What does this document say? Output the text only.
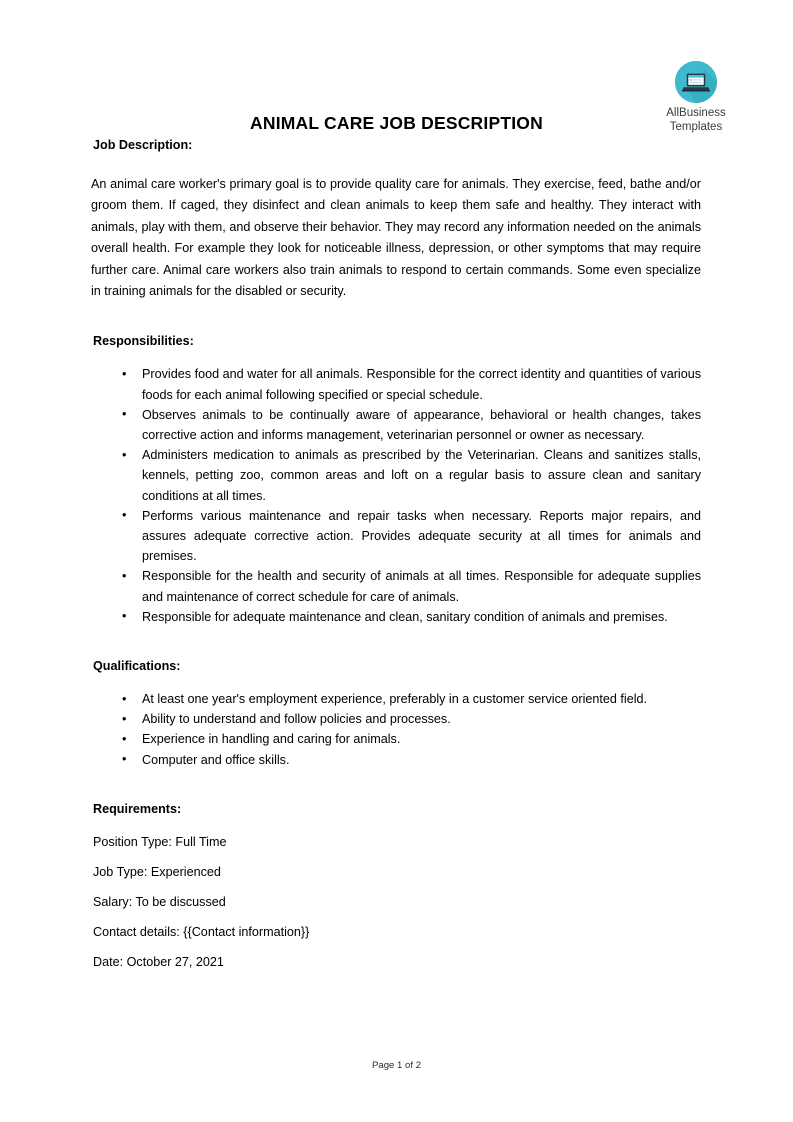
AllBusiness
Templates
ANIMAL CARE JOB DESCRIPTION
Job Description:

An animal care worker's primary goal is to provide quality care for animals. They exercise, feed, bathe and/or groom them. If caged, they disinfect and clean animals to keep them safe and healthy. They interact with animals, play with them, and observe their behavior. They may record any information needed on the animals overall health. For example they look for noticeable illness, depression, or other symptoms that may require further care. Animal care workers also train animals to respond to certain commands. Some even specialize in training animals for the disabled or security.

Responsibilities:
• Provides food and water for all animals. Responsible for the correct identity and quantities of various foods for each animal following specified or special schedule.
• Observes animals to be continually aware of appearance, behavioral or health changes, takes corrective action and informs management, veterinarian personnel or owner as necessary.
• Administers medication to animals as prescribed by the Veterinarian. Cleans and sanitizes stalls, kennels, petting zoo, common areas and loft on a regular basis to assure clean and sanitary conditions at all times.
• Performs various maintenance and repair tasks when necessary. Reports major repairs, and assures adequate corrective action. Provides adequate security at all times for animals and premises.
• Responsible for the health and security of animals at all times. Responsible for adequate supplies and maintenance of correct schedule for care of animals.
• Responsible for adequate maintenance and clean, sanitary condition of animals and premises.
Qualifications:
• At least one year's employment experience, preferably in a customer service oriented field.
• Ability to understand and follow policies and processes.
• Experience in handling and caring for animals.
• Computer and office skills.
Requirements:

Position Type: Full Time

Job Type: Experienced

Salary: To be discussed

Contact details: {{Contact information}}

Date: October 27, 2021

Page 1 of 2
